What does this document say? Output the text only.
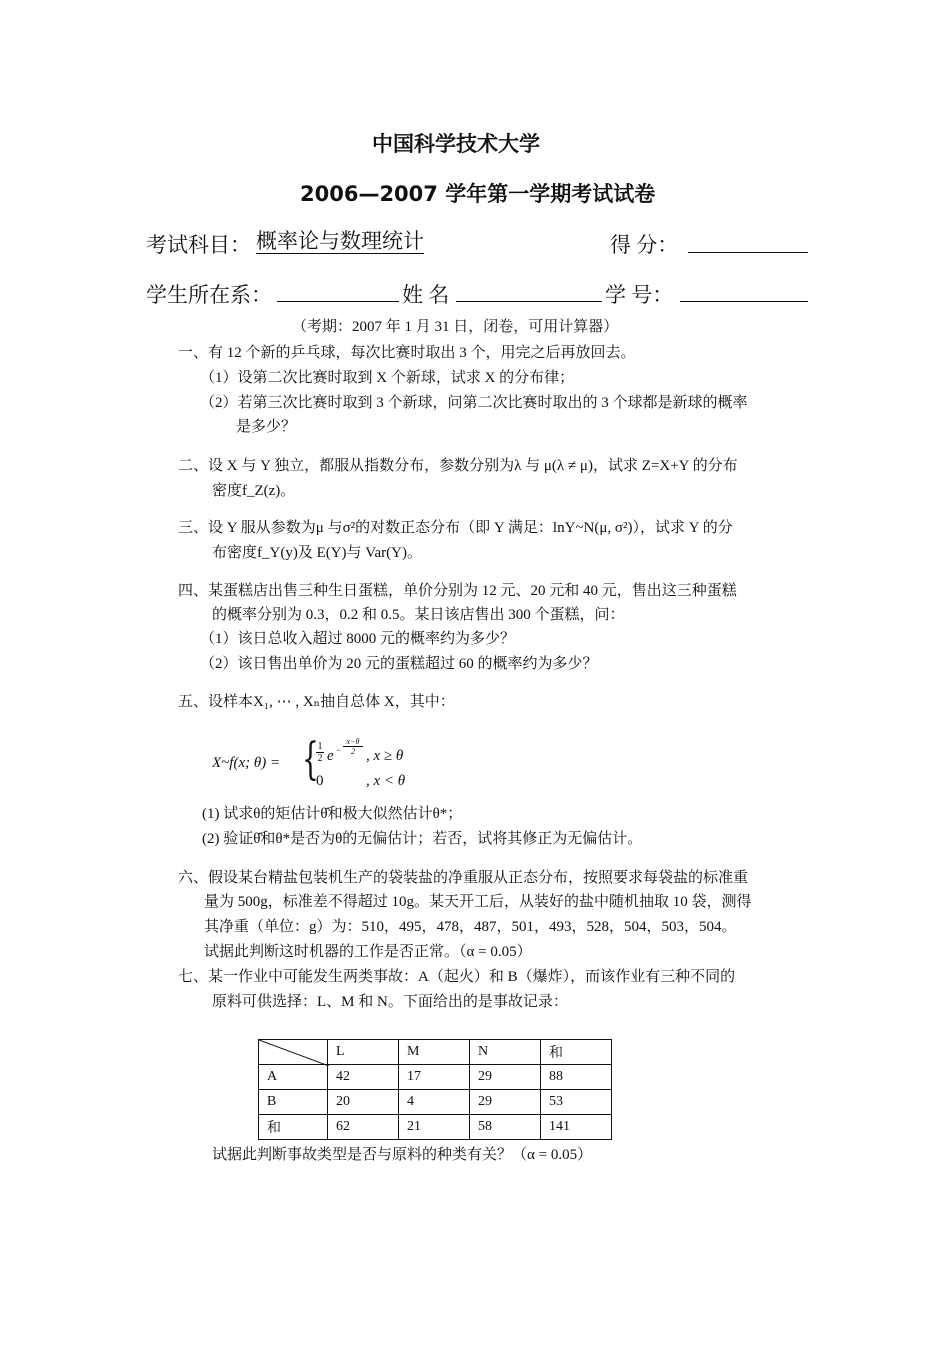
中国科学技术大学
2006—2007 学年第一学期考试试卷
考试科目： 概率论与数理统计	得 分：
学生所在系：	姓 名	学 号：
（考期：2007 年 1 月 31 日，闭卷，可用计算器）
一、有 12 个新的乒乓球，每次比赛时取出 3 个，用完之后再放回去。
（1）设第二次比赛时取到 X 个新球，试求 X 的分布律；
（2）若第三次比赛时取到 3 个新球，问第二次比赛时取出的 3 个球都是新球的概率
是多少？
二、设 X 与 Y 独立，都服从指数分布，参数分别为λ 与 μ(λ ≠ μ)，试求 Z=X+Y 的分布
密度f_Z(z)。
三、设 Y 服从参数为μ 与σ²的对数正态分布（即 Y 满足：lnY~N(μ, σ²)），试求 Y 的分
布密度f_Y(y)及 E(Y)与 Var(Y)。
四、某蛋糕店出售三种生日蛋糕，单价分别为 12 元、20 元和 40 元，售出这三种蛋糕
的概率分别为 0.3，0.2 和 0.5。某日该店售出 300 个蛋糕，问：
（1）该日总收入超过 8000 元的概率约为多少？
（2）该日售出单价为 20 元的蛋糕超过 60 的概率约为多少？
五、设样本X₁, ⋯ , Xₙ抽自总体 X，其中：
X~f(x; θ) = {
1
2 e −
x−θ
2 , x ≥ θ
0	, x < θ
(1) 试求θ的矩估计θ̂和极大似然估计θ*；
(2) 验证θ̂和θ*是否为θ的无偏估计；若否，试将其修正为无偏估计。
六、假设某台精盐包装机生产的袋装盐的净重服从正态分布，按照要求每袋盐的标准重
量为 500g，标准差不得超过 10g。某天开工后，从装好的盐中随机抽取 10 袋，测得
其净重（单位：g）为：510，495，478，487，501，493，528，504，503，504。
试据此判断这时机器的工作是否正常。（α = 0.05）
七、某一作业中可能发生两类事故：A（起火）和 B（爆炸），而该作业有三种不同的
原料可供选择：L、M 和 N。下面给出的是事故记录：
	L	M	N	和
A	42	17	29	88
B	20	4	29	53
和	62	21	58	141
试据此判断事故类型是否与原料的种类有关？（α = 0.05）
